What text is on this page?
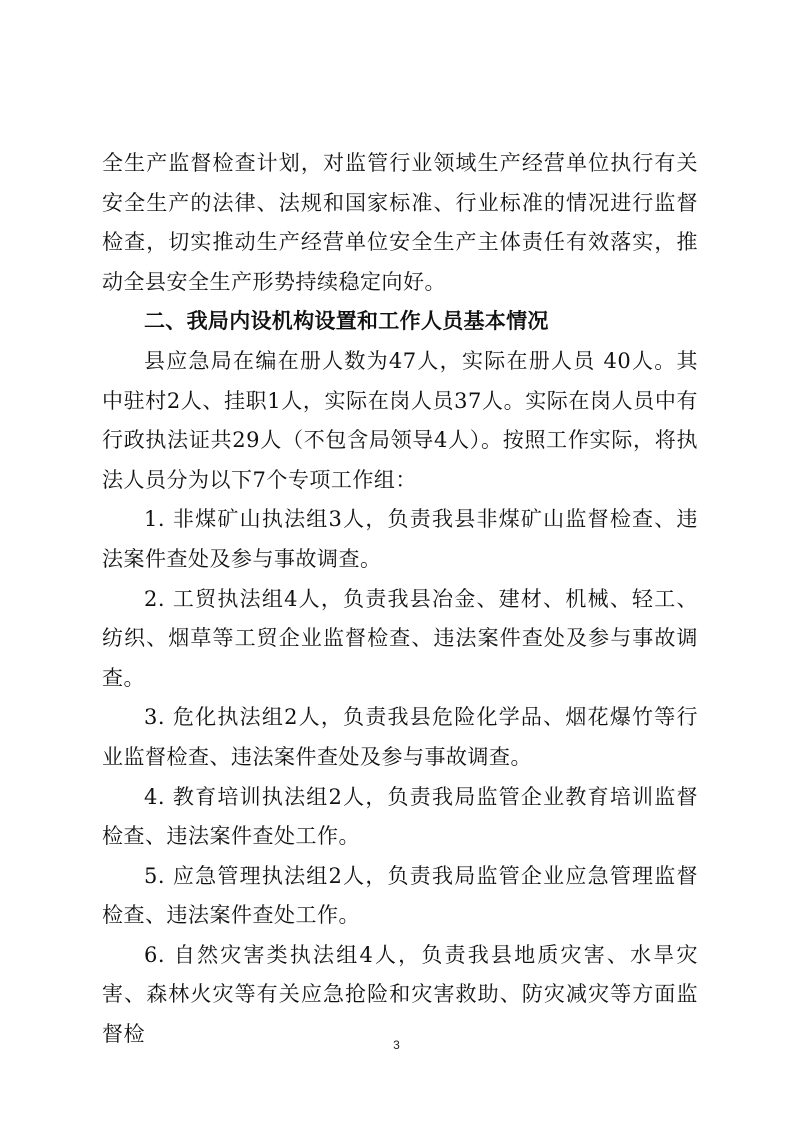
全生产监督检查计划，对监管行业领域生产经营单位执行有关安全生产的法律、法规和国家标准、行业标准的情况进行监督检查，切实推动生产经营单位安全生产主体责任有效落实，推动全县安全生产形势持续稳定向好。

二、我局内设机构设置和工作人员基本情况

县应急局在编在册人数为47人，实际在册人员 40人。其中驻村2人、挂职1人，实际在岗人员37人。实际在岗人员中有行政执法证共29人（不包含局领导4人）。按照工作实际，将执法人员分为以下7个专项工作组：

1. 非煤矿山执法组3人，负责我县非煤矿山监督检查、违法案件查处及参与事故调查。

2. 工贸执法组4人，负责我县冶金、建材、机械、轻工、纺织、烟草等工贸企业监督检查、违法案件查处及参与事故调查。

3. 危化执法组2人，负责我县危险化学品、烟花爆竹等行业监督检查、违法案件查处及参与事故调查。

4. 教育培训执法组2人，负责我局监管企业教育培训监督检查、违法案件查处工作。

5. 应急管理执法组2人，负责我局监管企业应急管理监督检查、违法案件查处工作。

6. 自然灾害类执法组4人，负责我县地质灾害、水旱灾害、森林火灾等有关应急抢险和灾害救助、防灾减灾等方面监督检	3
